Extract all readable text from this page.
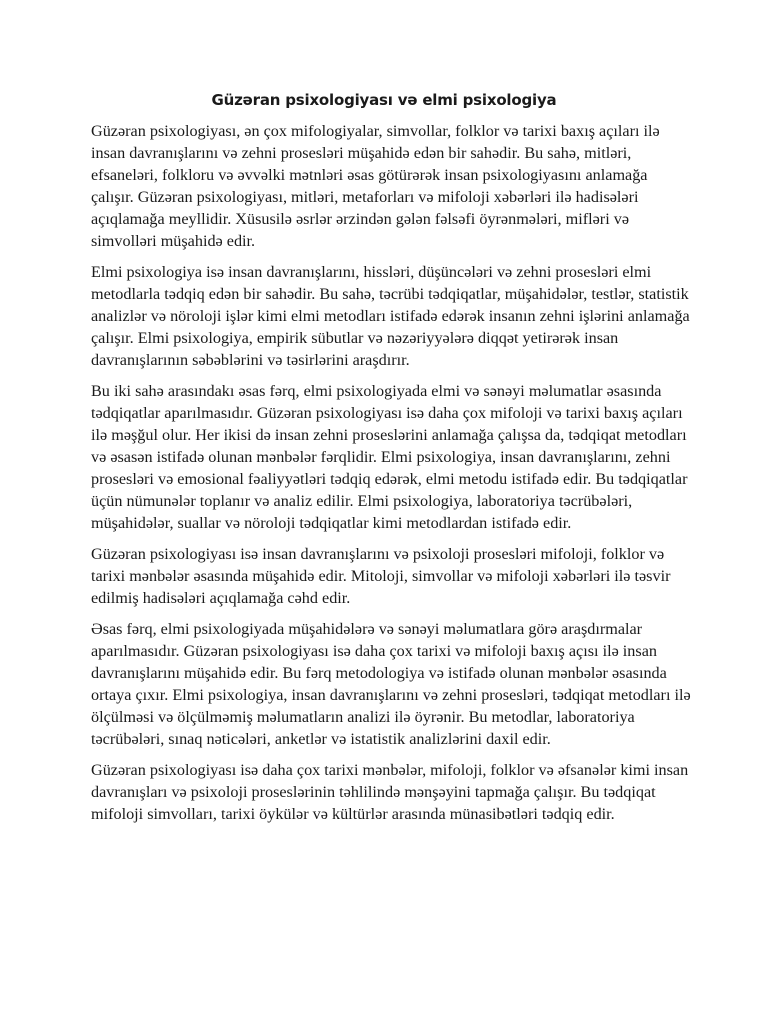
Güzəran psixologiyası və elmi psixologiya

Güzəran psixologiyası, ən çox mifologiyalar, simvollar, folklor və tarixi baxış açıları ilə insan davranışlarını və zehni prosesləri müşahidə edən bir sahədir. Bu sahə, mitləri, efsaneləri, folkloru və əvvəlki mətnləri əsas götürərək insan psixologiyasını anlamağa çalışır. Güzəran psixologiyası, mitləri, metaforları və mifoloji xəbərləri ilə hadisələri açıqlamağa meyllidir. Xüsusilə əsrlər ərzindən gələn fəlsəfi öyrənmələri, mifləri və simvolləri müşahidə edir.

Elmi psixologiya isə insan davranışlarını, hissləri, düşüncələri və zehni prosesləri elmi metodlarla tədqiq edən bir sahədir. Bu sahə, təcrübi tədqiqatlar, müşahidələr, testlər, statistik analizlər və nöroloji işlər kimi elmi metodları istifadə edərək insanın zehni işlərini anlamağa çalışır. Elmi psixologiya, empirik sübutlar və nəzəriyyələrə diqqət yetirərək insan davranışlarının səbəblərini və təsirlərini araşdırır.

Bu iki sahə arasındakı əsas fərq, elmi psixologiyada elmi və sənəyi məlumatlar əsasında tədqiqatlar aparılmasıdır. Güzəran psixologiyası isə daha çox mifoloji və tarixi baxış açıları ilə məşğul olur. Her ikisi də insan zehni proseslərini anlamağa çalışsa da, tədqiqat metodları və əsasən istifadə olunan mənbələr fərqlidir. Elmi psixologiya, insan davranışlarını, zehni prosesləri və emosional fəaliyyətləri tədqiq edərək, elmi metodu istifadə edir. Bu tədqiqatlar üçün nümunələr toplanır və analiz edilir. Elmi psixologiya, laboratoriya təcrübələri, müşahidələr, suallar və nöroloji tədqiqatlar kimi metodlardan istifadə edir.

Güzəran psixologiyası isə insan davranışlarını və psixoloji prosesləri mifoloji, folklor və tarixi mənbələr əsasında müşahidə edir. Mitoloji, simvollar və mifoloji xəbərləri ilə təsvir edilmiş hadisələri açıqlamağa cəhd edir.

Əsas fərq, elmi psixologiyada müşahidələrə və sənəyi məlumatlara görə araşdırmalar aparılmasıdır. Güzəran psixologiyası isə daha çox tarixi və mifoloji baxış açısı ilə insan davranışlarını müşahidə edir. Bu fərq metodologiya və istifadə olunan mənbələr əsasında ortaya çıxır. Elmi psixologiya, insan davranışlarını və zehni prosesləri, tədqiqat metodları ilə ölçülməsi və ölçülməmiş məlumatların analizi ilə öyrənir. Bu metodlar, laboratoriya təcrübələri, sınaq nəticələri, anketlər və istatistik analizlərini daxil edir.

Güzəran psixologiyası isə daha çox tarixi mənbələr, mifoloji, folklor və əfsanələr kimi insan davranışları və psixoloji proseslərinin təhlilində mənşəyini tapmağa çalışır. Bu tədqiqat mifoloji simvolları, tarixi öykülər və kültürlər arasında münasibətləri tədqiq edir.
